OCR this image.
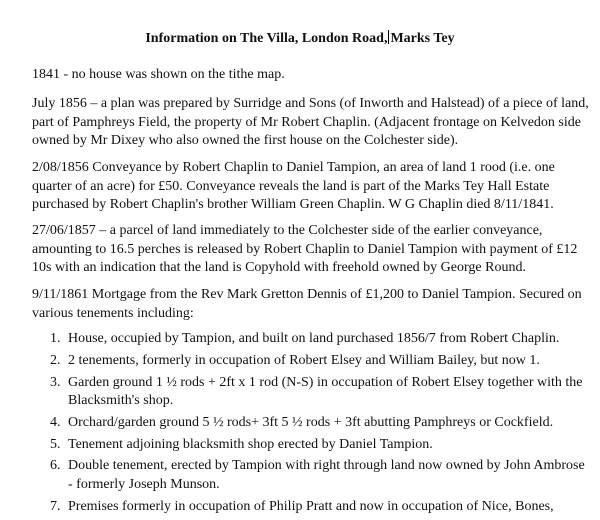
Information on The Villa, London Road, Marks Tey

1841 - no house was shown on the tithe map.

July 1856 – a plan was prepared by Surridge and Sons (of Inworth and Halstead) of a piece of land, part of Pamphreys Field, the property of Mr Robert Chaplin. (Adjacent frontage on Kelvedon side owned by Mr Dixey who also owned the first house on the Colchester side).

2/08/1856 Conveyance by Robert Chaplin to Daniel Tampion, an area of land 1 rood (i.e. one quarter of an acre) for £50. Conveyance reveals the land is part of the Marks Tey Hall Estate purchased by Robert Chaplin's brother William Green Chaplin. W G Chaplin died 8/11/1841.

27/06/1857 – a parcel of land immediately to the Colchester side of the earlier conveyance, amounting to 16.5 perches is released by Robert Chaplin to Daniel Tampion with payment of £12 10s with an indication that the land is Copyhold with freehold owned by George Round.

9/11/1861 Mortgage from the Rev Mark Gretton Dennis of £1,200 to Daniel Tampion. Secured on various tenements including:

1. House, occupied by Tampion, and built on land purchased 1856/7 from Robert Chaplin.
2. 2 tenements, formerly in occupation of Robert Elsey and William Bailey, but now 1.
3. Garden ground 1 ½ rods + 2ft x 1 rod (N-S) in occupation of Robert Elsey together with the Blacksmith's shop.
4. Orchard/garden ground 5 ½ rods+ 3ft 5 ½ rods + 3ft abutting Pamphreys or Cockfield.
5. Tenement adjoining blacksmith shop erected by Daniel Tampion.
6. Double tenement, erected by Tampion with right through land now owned by John Ambrose - formerly Joseph Munson.
7. Premises formerly in occupation of Philip Pratt and now in occupation of Nice, Bones,
